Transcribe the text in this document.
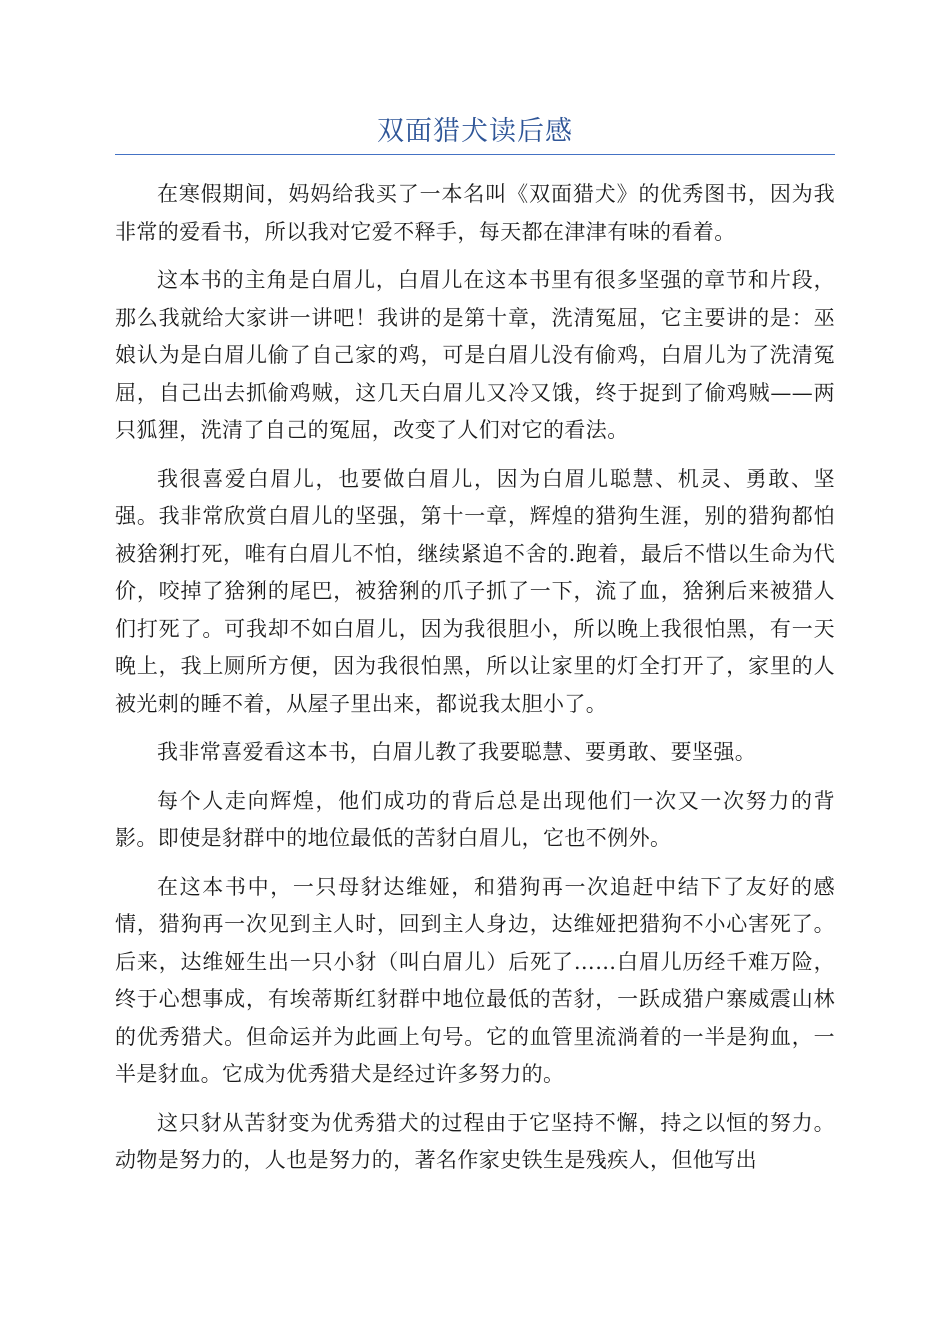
双面猎犬读后感

在寒假期间，妈妈给我买了一本名叫《双面猎犬》的优秀图书，因为我非常的爱看书，所以我对它爱不释手，每天都在津津有味的看着。

这本书的主角是白眉儿，白眉儿在这本书里有很多坚强的章节和片段，那么我就给大家讲一讲吧！我讲的是第十章，洗清冤屈，它主要讲的是：巫娘认为是白眉儿偷了自己家的鸡，可是白眉儿没有偷鸡，白眉儿为了洗清冤屈，自己出去抓偷鸡贼，这几天白眉儿又冷又饿，终于捉到了偷鸡贼——两只狐狸，洗清了自己的冤屈，改变了人们对它的看法。

我很喜爱白眉儿，也要做白眉儿，因为白眉儿聪慧、机灵、勇敢、坚强。我非常欣赏白眉儿的坚强，第十一章，辉煌的猎狗生涯，别的猎狗都怕被猞猁打死，唯有白眉儿不怕，继续紧追不舍的.跑着，最后不惜以生命为代价，咬掉了猞猁的尾巴，被猞猁的爪子抓了一下，流了血，猞猁后来被猎人们打死了。可我却不如白眉儿，因为我很胆小，所以晚上我很怕黑，有一天晚上，我上厕所方便，因为我很怕黑，所以让家里的灯全打开了，家里的人被光刺的睡不着，从屋子里出来，都说我太胆小了。

我非常喜爱看这本书，白眉儿教了我要聪慧、要勇敢、要坚强。

每个人走向辉煌，他们成功的背后总是出现他们一次又一次努力的背影。即使是豺群中的地位最低的苦豺白眉儿，它也不例外。

在这本书中，一只母豺达维娅，和猎狗再一次追赶中结下了友好的感情，猎狗再一次见到主人时，回到主人身边，达维娅把猎狗不小心害死了。后来，达维娅生出一只小豺（叫白眉儿）后死了……白眉儿历经千难万险，终于心想事成，有埃蒂斯红豺群中地位最低的苦豺，一跃成猎户寨威震山林的优秀猎犬。但命运并为此画上句号。它的血管里流淌着的一半是狗血，一半是豺血。它成为优秀猎犬是经过许多努力的。

这只豺从苦豺变为优秀猎犬的过程由于它坚持不懈，持之以恒的努力。动物是努力的，人也是努力的，著名作家史铁生是残疾人，但他写出
